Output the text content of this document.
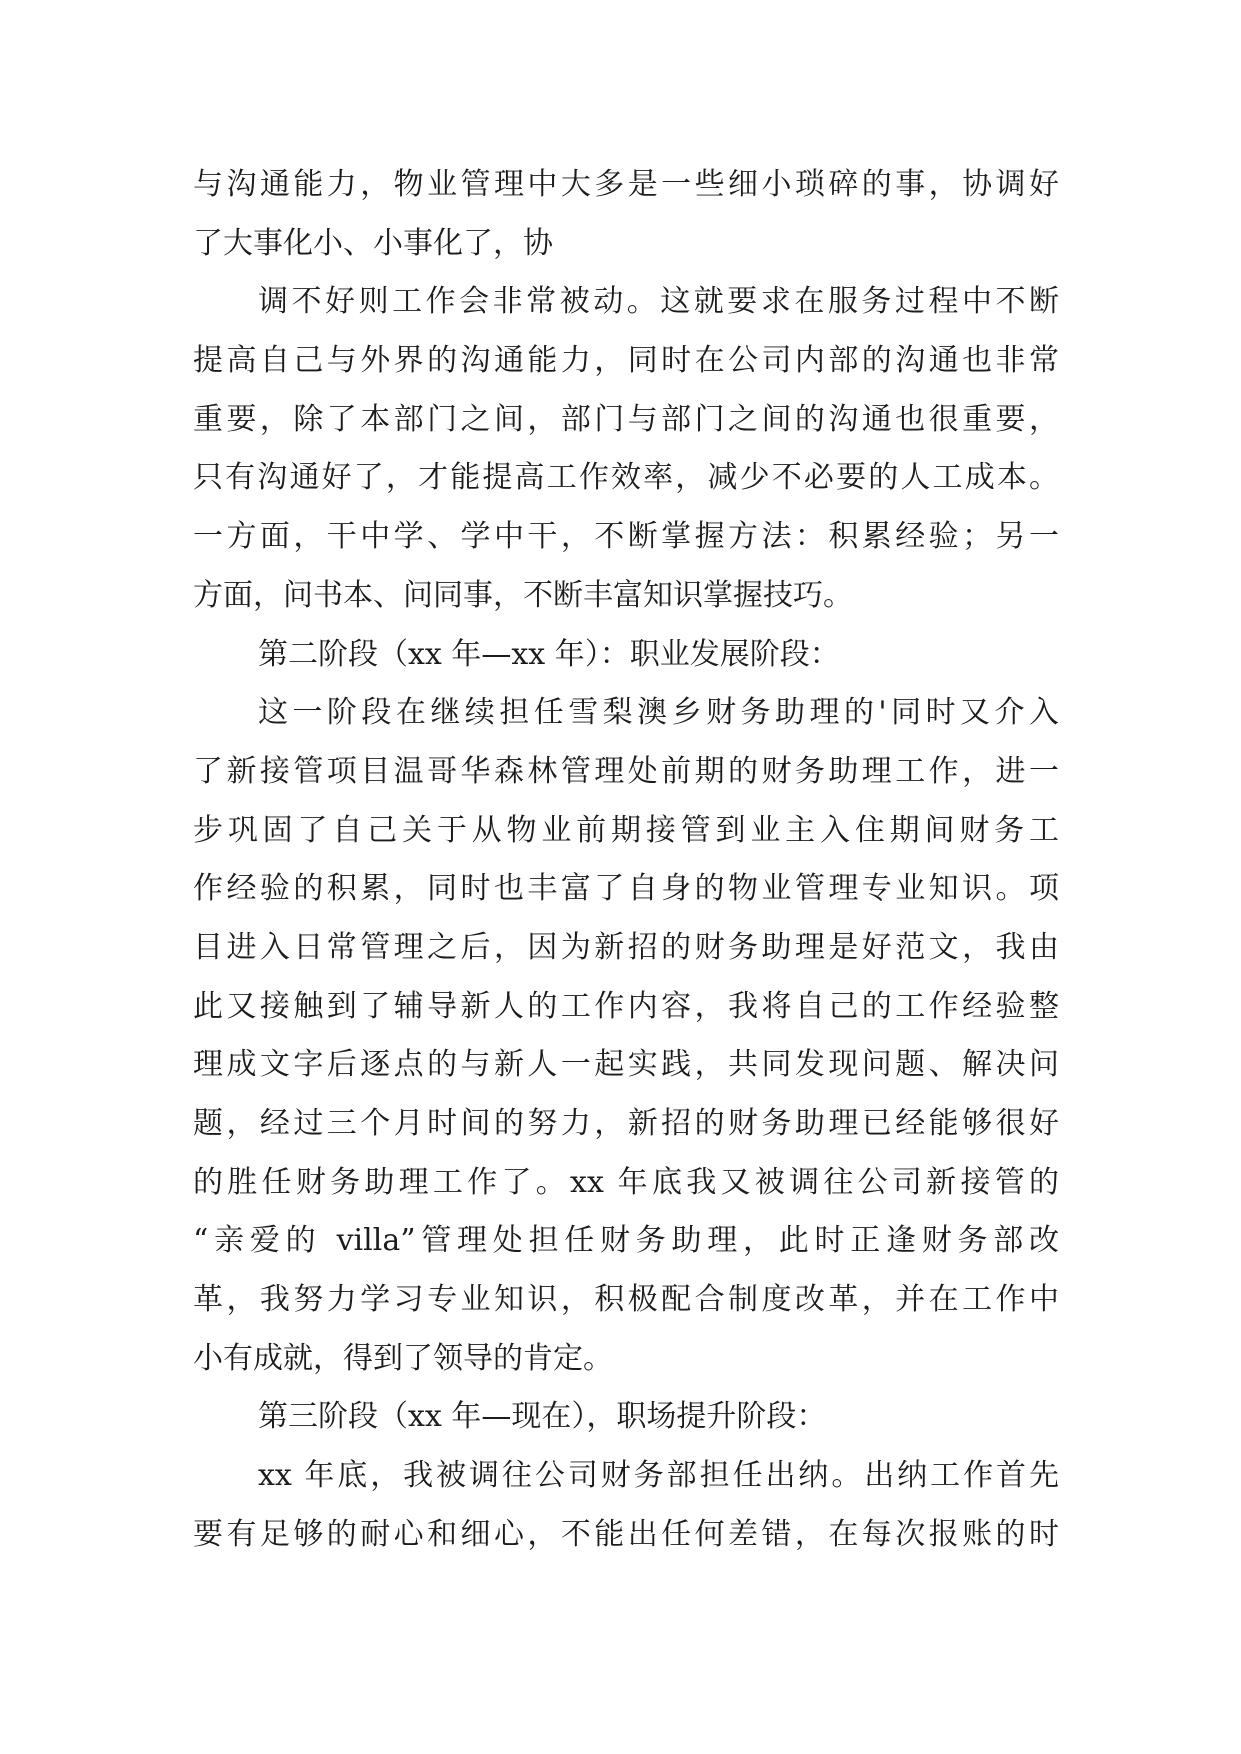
与沟通能力，物业管理中大多是一些细小琐碎的事，协调好
了大事化小、小事化了，协
调不好则工作会非常被动。这就要求在服务过程中不断
提高自己与外界的沟通能力，同时在公司内部的沟通也非常
重要，除了本部门之间，部门与部门之间的沟通也很重要，
只有沟通好了，才能提高工作效率，减少不必要的人工成本。
一方面，干中学、学中干，不断掌握方法：积累经验；另一
方面，问书本、问同事，不断丰富知识掌握技巧。
第二阶段（xx 年—xx 年）：职业发展阶段：
这一阶段在继续担任雪梨澳乡财务助理的'同时又介入
了新接管项目温哥华森林管理处前期的财务助理工作，进一
步巩固了自己关于从物业前期接管到业主入住期间财务工
作经验的积累，同时也丰富了自身的物业管理专业知识。项
目进入日常管理之后，因为新招的财务助理是好范文，我由
此又接触到了辅导新人的工作内容，我将自己的工作经验整
理成文字后逐点的与新人一起实践，共同发现问题、解决问
题，经过三个月时间的努力，新招的财务助理已经能够很好
的胜任财务助理工作了。xx 年底我又被调往公司新接管的
“亲爱的 villa”管理处担任财务助理，此时正逢财务部改
革，我努力学习专业知识，积极配合制度改革，并在工作中
小有成就，得到了领导的肯定。
第三阶段（xx 年—现在），职场提升阶段：
xx 年底，我被调往公司财务部担任出纳。出纳工作首先
要有足够的耐心和细心，不能出任何差错，在每次报账的时
